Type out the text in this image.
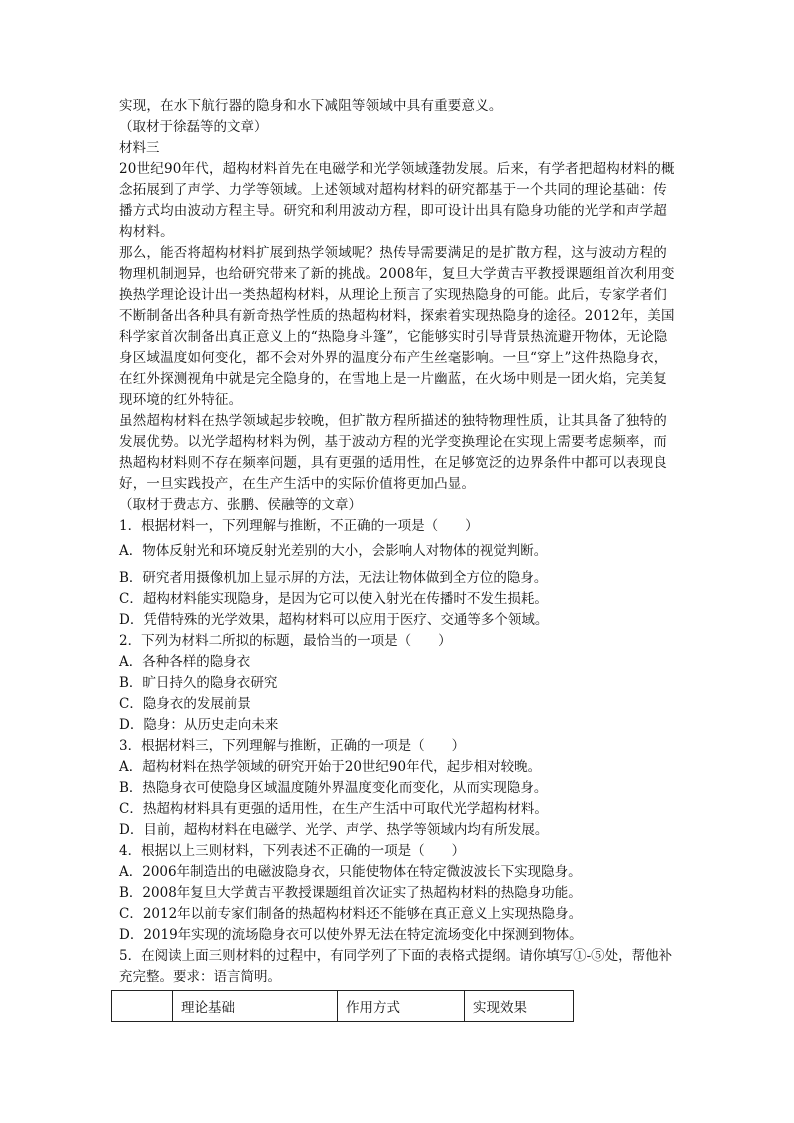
实现，在水下航行器的隐身和水下减阻等领域中具有重要意义。

（取材于徐磊等的文章）
材料三

20世纪90年代，超构材料首先在电磁学和光学领域蓬勃发展。后来，有学者把超构材料的概念拓展到了声学、力学等领域。上述领域对超构材料的研究都基于一个共同的理论基础：传播方式均由波动方程主导。研究和利用波动方程，即可设计出具有隐身功能的光学和声学超构材料。

那么，能否将超构材料扩展到热学领域呢？热传导需要满足的是扩散方程，这与波动方程的物理机制迥异，也给研究带来了新的挑战。2008年，复旦大学黄吉平教授课题组首次利用变换热学理论设计出一类热超构材料，从理论上预言了实现热隐身的可能。此后，专家学者们不断制备出各种具有新奇热学性质的热超构材料，探索着实现热隐身的途径。2012年，美国科学家首次制备出真正意义上的“热隐身斗篷”，它能够实时引导背景热流避开物体，无论隐身区域温度如何变化，都不会对外界的温度分布产生丝毫影响。一旦“穿上”这件热隐身衣，在红外探测视角中就是完全隐身的，在雪地上是一片幽蓝，在火场中则是一团火焰，完美复现环境的红外特征。

虽然超构材料在热学领域起步较晚，但扩散方程所描述的独特物理性质，让其具备了独特的发展优势。以光学超构材料为例，基于波动方程的光学变换理论在实现上需要考虑频率，而热超构材料则不存在频率问题，具有更强的适用性，在足够宽泛的边界条件中都可以表现良好，一旦实践投产，在生产生活中的实际价值将更加凸显。

（取材于费志方、张鹏、侯融等的文章）

1．根据材料一，下列理解与推断，不正确的一项是（　　）

A．物体反射光和环境反射光差别的大小，会影响人对物体的视觉判断。

B．研究者用摄像机加上显示屏的方法，无法让物体做到全方位的隐身。

C．超构材料能实现隐身，是因为它可以使入射光在传播时不发生损耗。

D．凭借特殊的光学效果，超构材料可以应用于医疗、交通等多个领域。

2．下列为材料二所拟的标题，最恰当的一项是（　　）

A．各种各样的隐身衣

B．旷日持久的隐身衣研究

C．隐身衣的发展前景

D．隐身：从历史走向未来

3．根据材料三，下列理解与推断，正确的一项是（　　）

A．超构材料在热学领域的研究开始于20世纪90年代，起步相对较晚。

B．热隐身衣可使隐身区域温度随外界温度变化而变化，从而实现隐身。

C．热超构材料具有更强的适用性，在生产生活中可取代光学超构材料。

D．目前，超构材料在电磁学、光学、声学、热学等领域内均有所发展。

4．根据以上三则材料，下列表述不正确的一项是（　　）

A．2006年制造出的电磁波隐身衣，只能使物体在特定微波波长下实现隐身。

B．2008年复旦大学黄吉平教授课题组首次证实了热超构材料的热隐身功能。

C．2012年以前专家们制备的热超构材料还不能够在真正意义上实现热隐身。

D．2019年实现的流场隐身衣可以使外界无法在特定流场变化中探测到物体。

5．在阅读上面三则材料的过程中，有同学列了下面的表格式提纲。请你填写①-⑤处，帮他补充完整。要求：语言简明。

	理论基础	作用方式	实现效果
